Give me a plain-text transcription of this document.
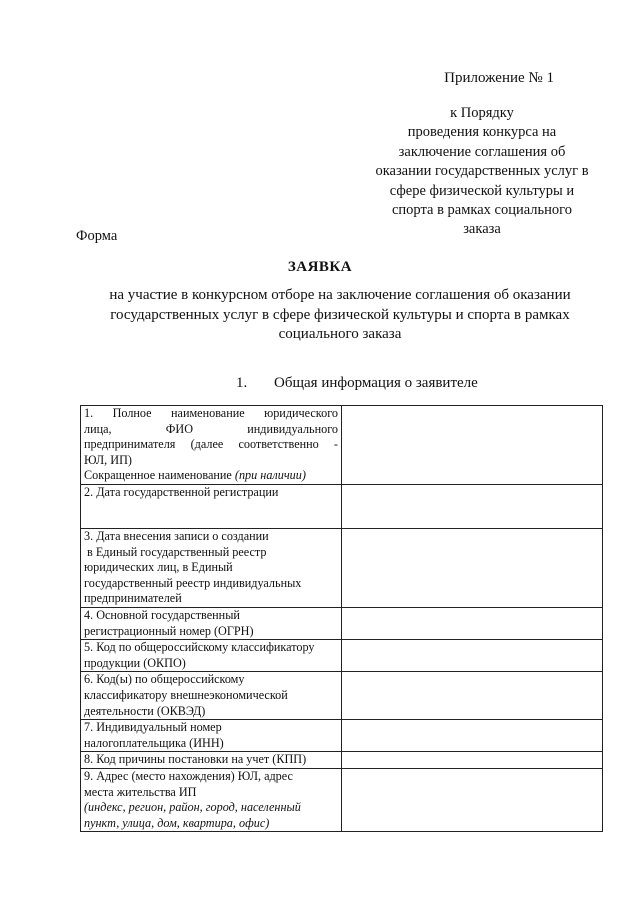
Приложение № 1
к Порядку
проведения конкурса на
заключение соглашения об
оказании государственных услуг в
сфере физической культуры и
спорта в рамках социального
заказа
Форма
ЗАЯВКА
на участие в конкурсном отборе на заключение соглашения об оказании
государственных услуг в сфере физической культуры и спорта в рамках
социального заказа
1. Общая информация о заявителе
1. Полное наименование юридического
лица, ФИО индивидуального
предпринимателя (далее соответственно -
ЮЛ, ИП)
Сокращенное наименование (при наличии)	

2. Дата государственной регистрации	

3. Дата внесения записи о создании
в Единый государственный реестр
юридических лиц, в Единый
государственный реестр индивидуальных
предпринимателей	

4. Основной государственный
регистрационный номер (ОГРН)	

5. Код по общероссийскому классификатору
продукции (ОКПО)	

6. Код(ы) по общероссийскому
классификатору внешнеэкономической
деятельности (ОКВЭД)	

7. Индивидуальный номер
налогоплательщика (ИНН)	

8. Код причины постановки на учет (КПП)	

9. Адрес (место нахождения) ЮЛ, адрес
места жительства ИП
(индекс, регион, район, город, населенный
пункт, улица, дом, квартира, офис)	
